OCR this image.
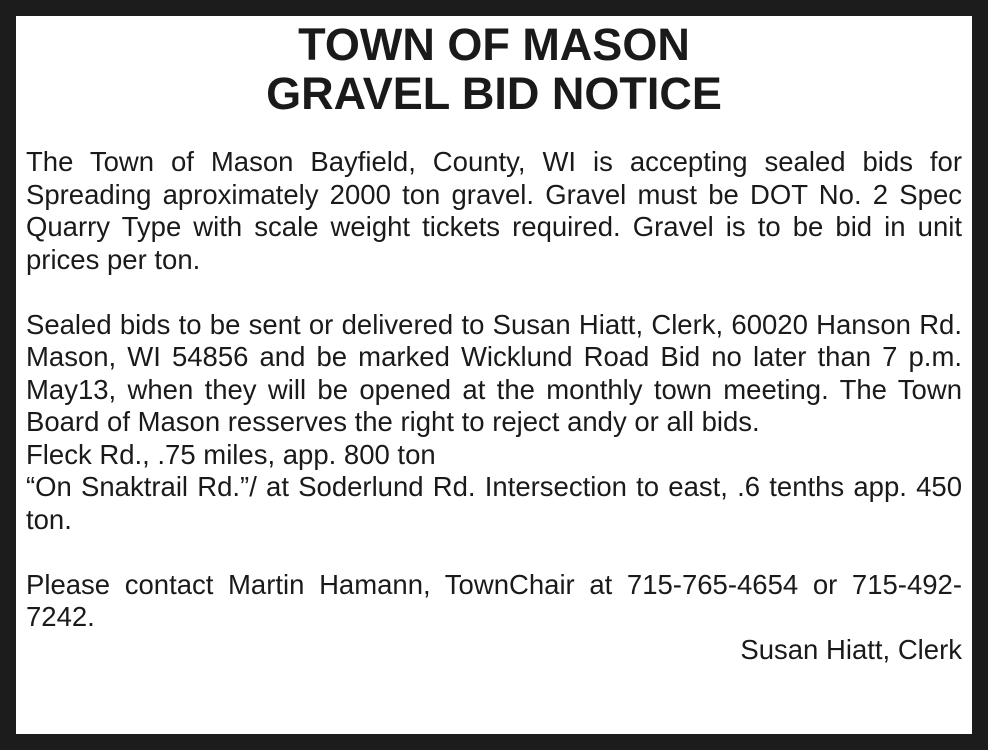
TOWN OF MASON
GRAVEL BID NOTICE

The Town of Mason Bayfield, County, WI is accepting sealed bids for Spreading aproximately 2000 ton gravel. Gravel must be DOT No. 2 Spec Quarry Type with scale weight tickets required. Gravel is to be bid in unit prices per ton.

Sealed bids to be sent or delivered to Susan Hiatt, Clerk, 60020 Hanson Rd. Mason, WI 54856 and be marked Wicklund Road Bid no later than 7 p.m. May13, when they will be opened at the monthly town meeting. The Town Board of Mason resserves the right to reject andy or all bids.

Fleck Rd., .75 miles, app. 800 ton

“On Snaktrail Rd.”/ at Soderlund Rd. Intersection to east, .6 tenths app. 450 ton.

Please contact Martin Hamann, TownChair at 715-765-4654 or 715-492-7242.

Susan Hiatt, Clerk
